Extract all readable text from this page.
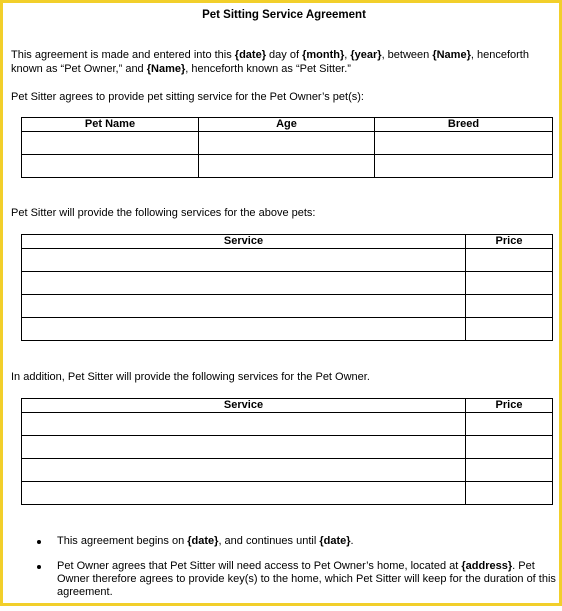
Pet Sitting Service Agreement
This agreement is made and entered into this {date} day of {month}, {year}, between {Name}, henceforth known as “Pet Owner,” and {Name}, henceforth known as “Pet Sitter.”
Pet Sitter agrees to provide pet sitting service for the Pet Owner’s pet(s):
Pet Name	Age	Breed

Pet Sitter will provide the following services for the above pets:
Service	Price

In addition, Pet Sitter will provide the following services for the Pet Owner.
Service	Price

This agreement begins on {date}, and continues until {date}.
Pet Owner agrees that Pet Sitter will need access to Pet Owner’s home, located at {address}. Pet Owner therefore agrees to provide key(s) to the home, which Pet Sitter will keep for the duration of this agreement.
